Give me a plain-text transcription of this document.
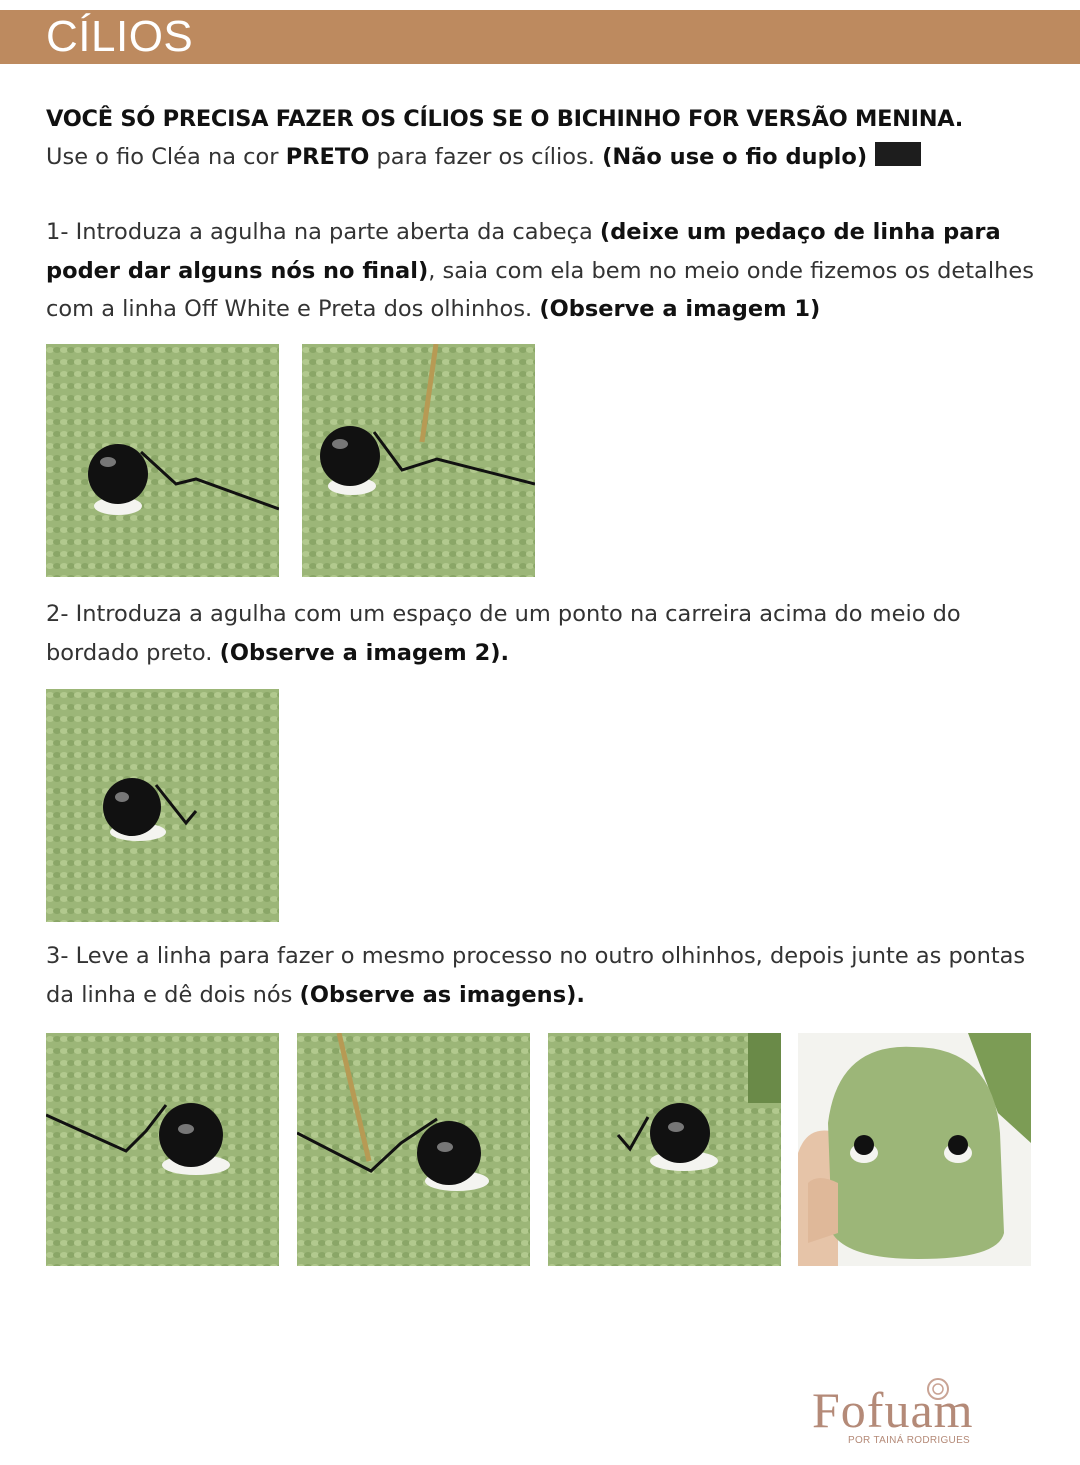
CÍLIOS
VOCÊ SÓ PRECISA FAZER OS CÍLIOS SE O BICHINHO FOR VERSÃO MENINA.
Use o fio Cléa na cor PRETO para fazer os cílios. (Não use o fio duplo)
1- Introduza a agulha na parte aberta da cabeça (deixe um pedaço de linha para poder dar alguns nós no final), saia com ela bem no meio onde fizemos os detalhes com a linha Off White e Preta dos olhinhos. (Observe a imagem 1)
2- Introduza a agulha com um espaço de um ponto na carreira acima do meio do bordado preto. (Observe a imagem 2).
3- Leve a linha para fazer o mesmo processo no outro olhinhos, depois junte as pontas da linha e dê dois nós (Observe as imagens).
Fofuam
POR TAINÁ RODRIGUES
